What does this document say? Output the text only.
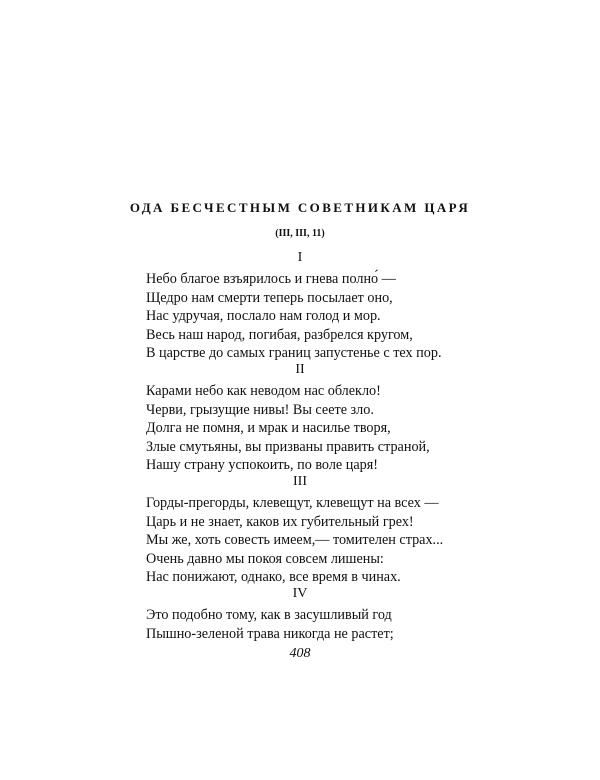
ОДА БЕСЧЕСТНЫМ СОВЕТНИКАМ ЦАРЯ
(III, III, 11)
I
Небо благое взъярилось и гнева полно́ —
Щедро нам смерти теперь посылает оно,
Нас удручая, послало нам голод и мор.
Весь наш народ, погибая, разбрелся кругом,
В царстве до самых границ запустенье с тех пор.
II
Карами небо как неводом нас облекло!
Черви, грызущие нивы! Вы сеете зло.
Долга не помня, и мрак и насилье творя,
Злые смутьяны, вы призваны править страной,
Нашу страну успокоить, по воле царя!
III
Горды-прегорды, клевещут, клевещут на всех —
Царь и не знает, каков их губительный грех!
Мы же, хоть совесть имеем,— томителен страх...
Очень давно мы покоя совсем лишены:
Нас понижают, однако, все время в чинах.
IV
Это подобно тому, как в засушливый год
Пышно-зеленой трава никогда не растет;
408
